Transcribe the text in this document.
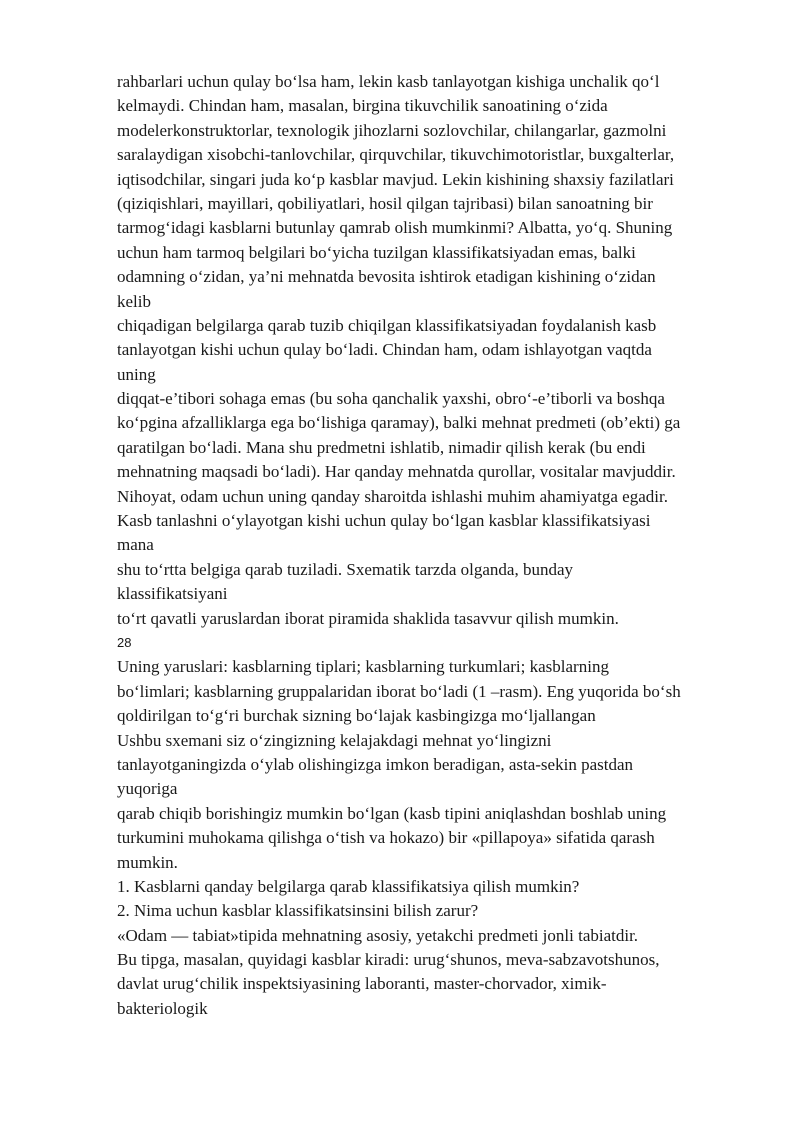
rahbarlari uchun qulay bo‘lsa ham, lekin kasb tanlayotgan kishiga unchalik qo‘l
kelmaydi. Chindan ham, masalan, birgina tikuvchilik sanoatining o‘zida
modelerkonstruktorlar, texnologik jihozlarni sozlovchilar, chilangarlar, gazmolni
saralaydigan xisobchi-tanlovchilar, qirquvchilar, tikuvchimotoristlar, buxgalterlar,
iqtisodchilar, singari juda ko‘p kasblar mavjud. Lekin kishining shaxsiy fazilatlari
(qiziqishlari, mayillari, qobiliyatlari, hosil qilgan tajribasi) bilan sanoatning bir
tarmog‘idagi kasblarni butunlay qamrab olish mumkinmi? Albatta, yo‘q. Shuning
uchun ham tarmoq belgilari bo‘yicha tuzilgan klassifikatsiyadan emas, balki
odamning o‘zidan, ya’ni mehnatda bevosita ishtirok etadigan kishining o‘zidan
kelib
chiqadigan belgilarga qarab tuzib chiqilgan klassifikatsiyadan foydalanish kasb
tanlayotgan kishi uchun qulay bo‘ladi. Chindan ham, odam ishlayotgan vaqtda
uning
diqqat-e’tibori sohaga emas (bu soha qanchalik yaxshi, obro‘-e’tiborli va boshqa
ko‘pgina afzalliklarga ega bo‘lishiga qaramay), balki mehnat predmeti (ob’ekti) ga
qaratilgan bo‘ladi. Mana shu predmetni ishlatib, nimadir qilish kerak (bu endi
mehnatning maqsadi bo‘ladi). Har qanday mehnatda qurollar, vositalar mavjuddir.
Nihoyat, odam uchun uning qanday sharoitda ishlashi muhim ahamiyatga egadir.
Kasb tanlashni o‘ylayotgan kishi uchun qulay bo‘lgan kasblar klassifikatsiyasi
mana
shu to‘rtta belgiga qarab tuziladi. Sxematik tarzda olganda, bunday
klassifikatsiyani
to‘rt qavatli yaruslardan iborat piramida shaklida tasavvur qilish mumkin.
28
Uning yaruslari: kasblarning tiplari; kasblarning turkumlari; kasblarning
bo‘limlari; kasblarning gruppalaridan iborat bo‘ladi (1 –rasm). Eng yuqorida bo‘sh
qoldirilgan to‘g‘ri burchak sizning bo‘lajak kasbingizga mo‘ljallangan
Ushbu sxemani siz o‘zingizning kelajakdagi mehnat yo‘lingizni
tanlayotganingizda o‘ylab olishingizga imkon beradigan, asta-sekin pastdan
yuqoriga
qarab chiqib borishingiz mumkin bo‘lgan (kasb tipini aniqlashdan boshlab uning
turkumini muhokama qilishga o‘tish va hokazo) bir «pillapoya» sifatida qarash
mumkin.
1. Kasblarni qanday belgilarga qarab klassifikatsiya qilish mumkin?
2. Nima uchun kasblar klassifikatsinsini bilish zarur?
«Odam — tabiat»tipida mehnatning asosiy, yetakchi predmeti jonli tabiatdir.
Bu tipga, masalan, quyidagi kasblar kiradi: urug‘shunos, meva-sabzavotshunos,
davlat urug‘chilik inspektsiyasining laboranti, master-chorvador, ximik-
bakteriologik
